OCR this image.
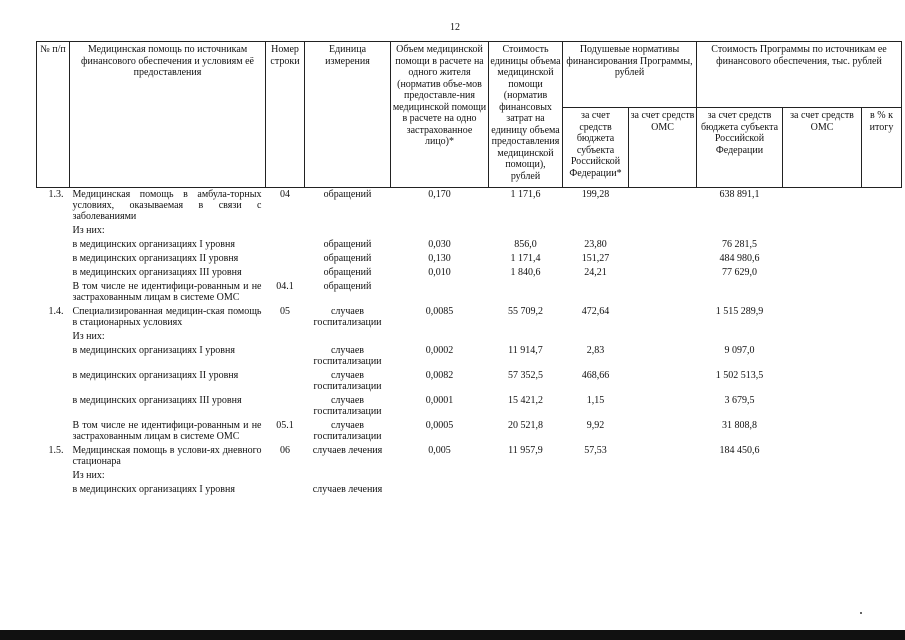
12
№ п/п	Медицинская помощь по источникам финансового обеспечения и условиям её предоставления	Номер строки	Единица измерения	Объем медицинской помощи в расчете на одного жителя (норматив объе-мов предоставле-ния медицинской помощи в расчете на одно застрахованное лицо)*	Стоимость единицы объема медицинской помощи (норматив финансовых затрат на единицу объема предоставления медицинской помощи), рублей	Подушевые нормативы финансирования Программы, рублей		Стоимость Программы по источникам ее финансового обеспечения, тыс. рублей		
						за счет средств бюджета субъекта Российской Федерации*	за счет средств ОМС	за счет средств бюджета субъекта Российской Федерации	за счет средств ОМС	в % к итогу
1.3.	Медицинская помощь в амбула-торных условиях, оказываемая в связи с заболеваниями	04	обращений	0,170	1 171,6	199,28		638 891,1		
	Из них:									
	в медицинских организациях I уровня		обращений	0,030	856,0	23,80		76 281,5		
	в медицинских организациях II уровня		обращений	0,130	1 171,4	151,27		484 980,6		
	в медицинских организациях III уровня		обращений	0,010	1 840,6	24,21		77 629,0		
	В том числе не идентифици-рованным и не застрахованным лицам в системе ОМС	04.1	обращений							
1.4.	Специализированная медицин-ская помощь в стационарных условиях	05	случаев госпитализации	0,0085	55 709,2	472,64		1 515 289,9		
	Из них:									
	в медицинских организациях I уровня		случаев госпитализации	0,0002	11 914,7	2,83		9 097,0		
	в медицинских организациях II уровня		случаев госпитализации	0,0082	57 352,5	468,66		1 502 513,5		
	в медицинских организациях III уровня		случаев госпитализации	0,0001	15 421,2	1,15		3 679,5		
	В том числе не идентифици-рованным и не застрахованным лицам в системе ОМС	05.1	случаев госпитализации	0,0005	20 521,8	9,92		31 808,8		
1.5.	Медицинская помощь в услови-ях дневного стационара	06	случаев лечения	0,005	11 957,9	57,53		184 450,6		
	Из них:									
	в медицинских организациях I уровня		случаев лечения							
